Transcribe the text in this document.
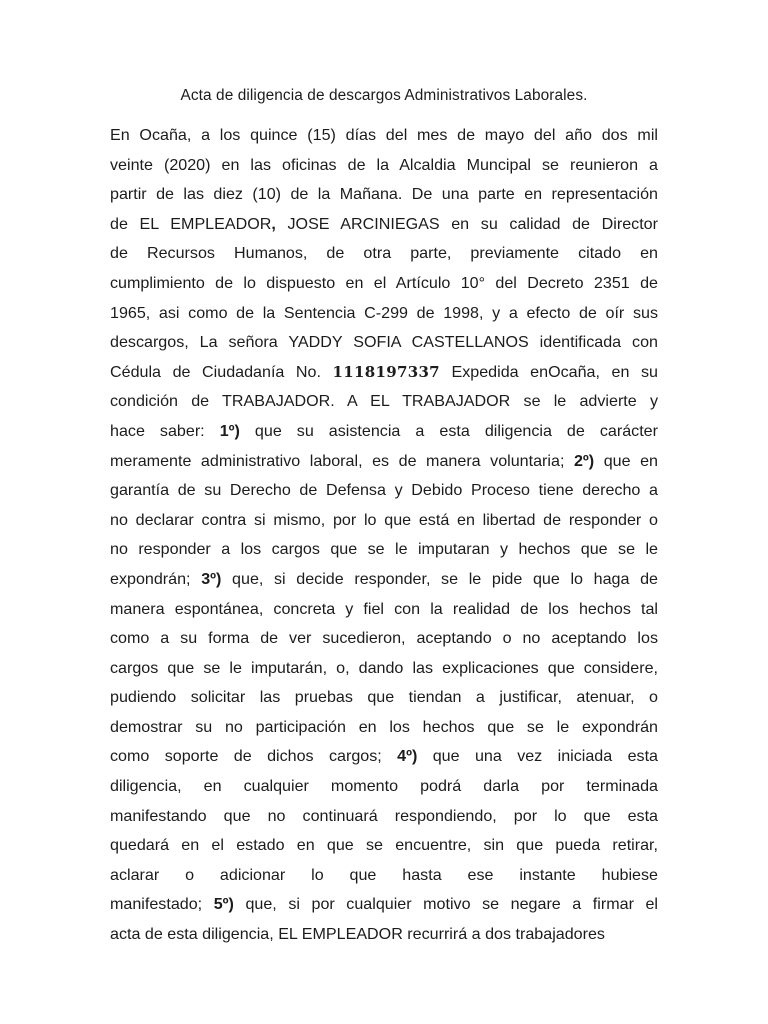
Acta de diligencia de descargos Administrativos Laborales.
En Ocaña, a los quince (15) días del mes de mayo del año dos mil
veinte (2020) en las oficinas de la Alcaldia Muncipal se reunieron a
partir de las diez (10) de la Mañana. De una parte en representación
de EL EMPLEADOR, JOSE ARCINIEGAS en su calidad de Director
de Recursos Humanos, de otra parte, previamente citado en
cumplimiento de lo dispuesto en el Artículo 10° del Decreto 2351 de
1965, asi como de la Sentencia C-299 de 1998, y a efecto de oír sus
descargos, La señora YADDY SOFIA CASTELLANOS identificada con
Cédula de Ciudadanía No. 1118197337 Expedida enOcaña, en su
condición de TRABAJADOR. A EL TRABAJADOR se le advierte y
hace saber: 1º) que su asistencia a esta diligencia de carácter
meramente administrativo laboral, es de manera voluntaria; 2º) que en
garantía de su Derecho de Defensa y Debido Proceso tiene derecho a
no declarar contra si mismo, por lo que está en libertad de responder o
no responder a los cargos que se le imputaran y hechos que se le
expondrán; 3º) que, si decide responder, se le pide que lo haga de
manera espontánea, concreta y fiel con la realidad de los hechos tal
como a su forma de ver sucedieron, aceptando o no aceptando los
cargos que se le imputarán, o, dando las explicaciones que considere,
pudiendo solicitar las pruebas que tiendan a justificar, atenuar, o
demostrar su no participación en los hechos que se le expondrán
como soporte de dichos cargos; 4º) que una vez iniciada esta
diligencia, en cualquier momento podrá darla por terminada
manifestando que no continuará respondiendo, por lo que esta
quedará en el estado en que se encuentre, sin que pueda retirar,
aclarar o adicionar lo que hasta ese instante hubiese
manifestado; 5º) que, si por cualquier motivo se negare a firmar el
acta de esta diligencia, EL EMPLEADOR recurrirá a dos trabajadores
